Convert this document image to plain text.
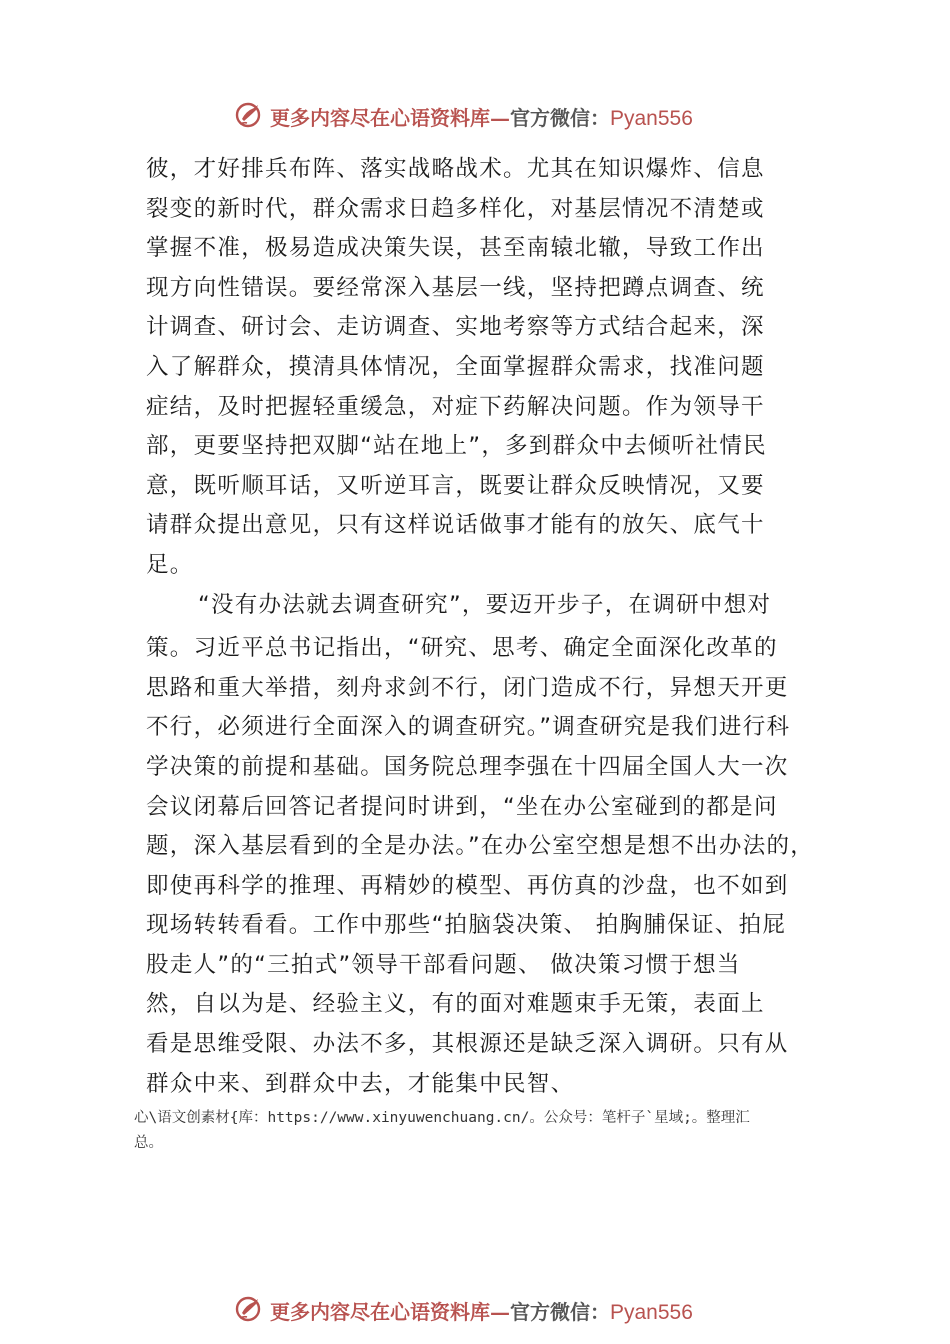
更多内容尽在心语资料库—官方微信：Pyan556
彼，才好排兵布阵、落实战略战术。尤其在知识爆炸、信息
裂变的新时代，群众需求日趋多样化，对基层情况不清楚或
掌握不准，极易造成决策失误，甚至南辕北辙，导致工作出
现方向性错误。要经常深入基层一线，坚持把蹲点调查、统
计调查、研讨会、走访调查、实地考察等方式结合起来，深
入了解群众，摸清具体情况，全面掌握群众需求，找准问题
症结，及时把握轻重缓急，对症下药解决问题。作为领导干
部，更要坚持把双脚“站在地上”，多到群众中去倾听社情民
意，既听顺耳话，又听逆耳言，既要让群众反映情况，又要
请群众提出意见，只有这样说话做事才能有的放矢、底气十
足。
“没有办法就去调查研究”，要迈开步子，在调研中想对
策。习近平总书记指出，“研究、思考、确定全面深化改革的
思路和重大举措，刻舟求剑不行，闭门造成不行，异想天开更
不行，必须进行全面深入的调查研究。”调查研究是我们进行科
学决策的前提和基础。国务院总理李强在十四届全国人大一次
会议闭幕后回答记者提问时讲到，“坐在办公室碰到的都是问
题，深入基层看到的全是办法。”在办公室空想是想不出办法的，
即使再科学的推理、再精妙的模型、再仿真的沙盘，也不如到
现场转转看看。工作中那些“拍脑袋决策、 拍胸脯保证、拍屁
股走人”的“三拍式”领导干部看问题、 做决策习惯于想当
然，自以为是、经验主义，有的面对难题束手无策，表面上
看是思维受限、办法不多，其根源还是缺乏深入调研。只有从
群众中来、到群众中去，才能集中民智、
心\语文创素材{库：https://www.xinyuwenchuang.cn/。公众号：笔杆子`星域;。整理汇
总。
更多内容尽在心语资料库—官方微信：Pyan556
